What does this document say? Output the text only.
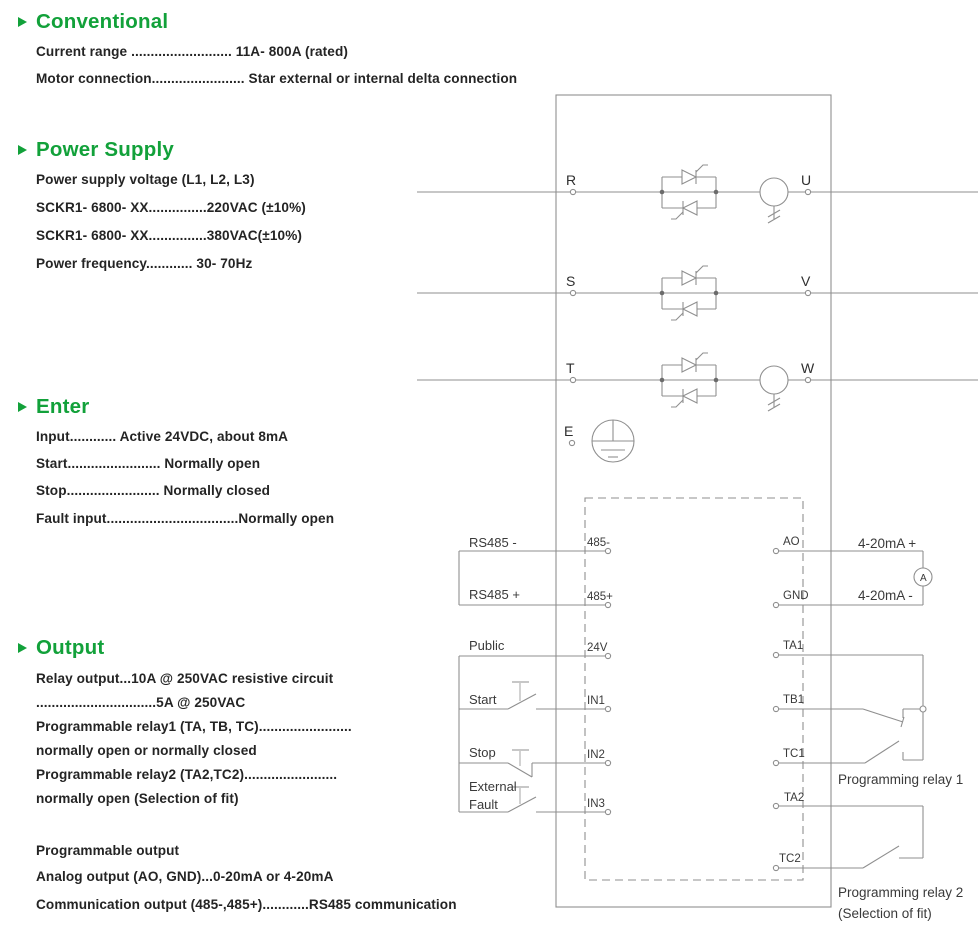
Conventional
Current range .......................... 11A- 800A (rated)
Motor connection........................ Star external or internal delta connection
Power Supply
Power supply voltage (L1, L2, L3)
SCKR1- 6800- XX...............220VAC (±10%)
SCKR1- 6800- XX...............380VAC(±10%)
Power frequency............ 30- 70Hz
Enter
Input............ Active 24VDC, about 8mA
Start........................ Normally open
Stop........................ Normally closed
Fault input..................................Normally open
Output
Relay output...10A @ 250VAC resistive circuit
...............................5A @ 250VAC
Programmable relay1 (TA, TB, TC)........................
normally open or normally closed
Programmable relay2 (TA2,TC2)........................
normally open (Selection of fit)
Programmable output
Analog output (AO, GND)...0-20mA or 4-20mA
Communication output (485-,485+)............RS485 communication
R	U
S	V
T	W
E
485-
485+
24V
IN1
IN2
IN3
AO
GND
TA1
TB1
TC1
TA2
TC2
RS485 -
RS485 +
Public
Start
Stop
External
Fault
4-20mA +
4-20mA -
A
Programming relay 1
Programming relay 2
(Selection of fit)
